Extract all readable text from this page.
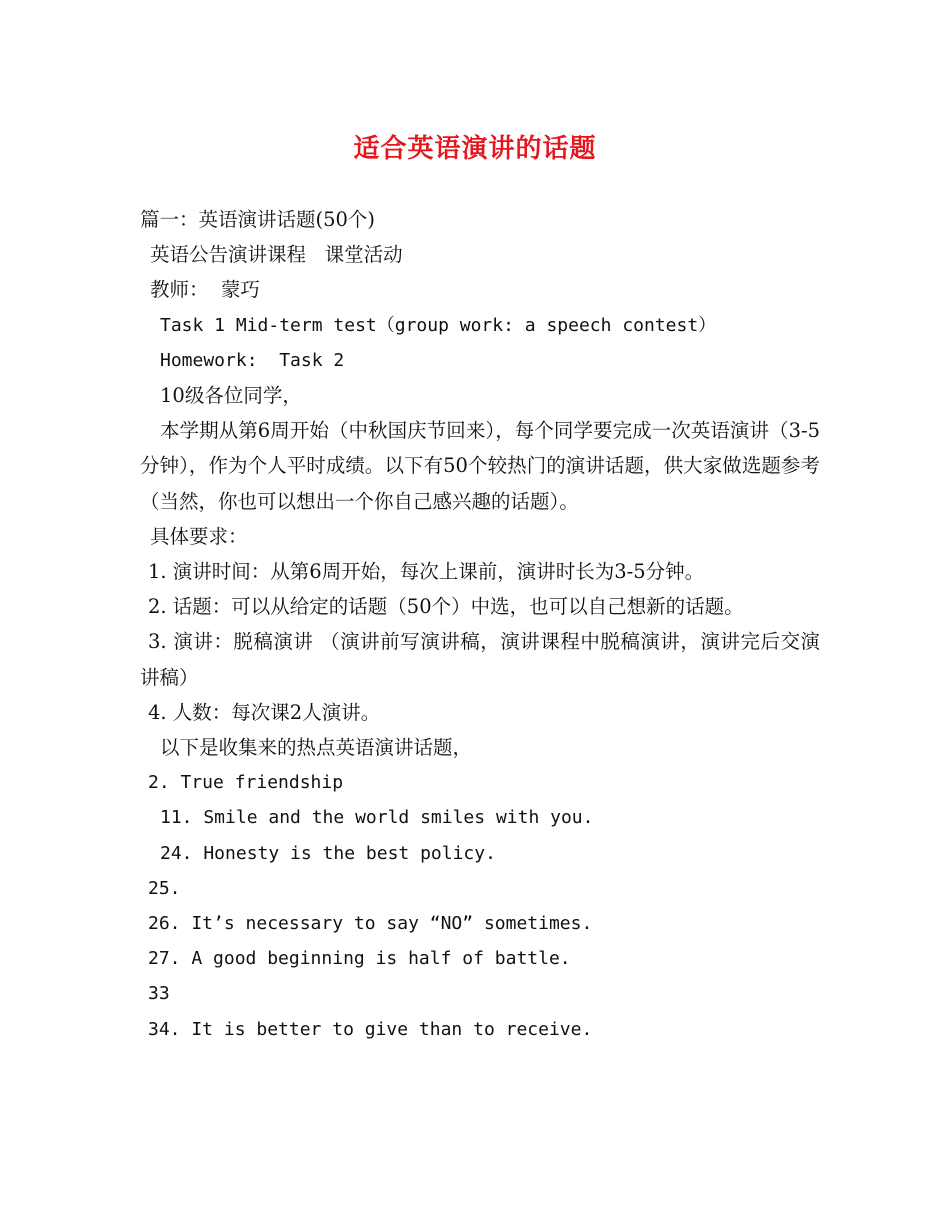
适合英语演讲的话题
篇一：英语演讲话题(50个)
英语公告演讲课程   课堂活动
教师：  蒙巧
Task 1 Mid-term test（group work: a speech contest）
Homework:  Task 2
10级各位同学，
本学期从第6周开始（中秋国庆节回来），每个同学要完成一次英语演讲（3-5分钟），作为个人平时成绩。以下有50个较热门的演讲话题，供大家做选题参考（当然，你也可以想出一个你自己感兴趣的话题）。
具体要求：
1. 演讲时间：从第6周开始，每次上课前，演讲时长为3-5分钟。
2. 话题：可以从给定的话题（50个）中选，也可以自己想新的话题。
3. 演讲：脱稿演讲 （演讲前写演讲稿，演讲课程中脱稿演讲，演讲完后交演讲稿）
4. 人数：每次课2人演讲。
以下是收集来的热点英语演讲话题，
2. True friendship
11. Smile and the world smiles with you.
24. Honesty is the best policy.
25.
26. It’s necessary to say “NO” sometimes.
27. A good beginning is half of battle.
33
34. It is better to give than to receive.
